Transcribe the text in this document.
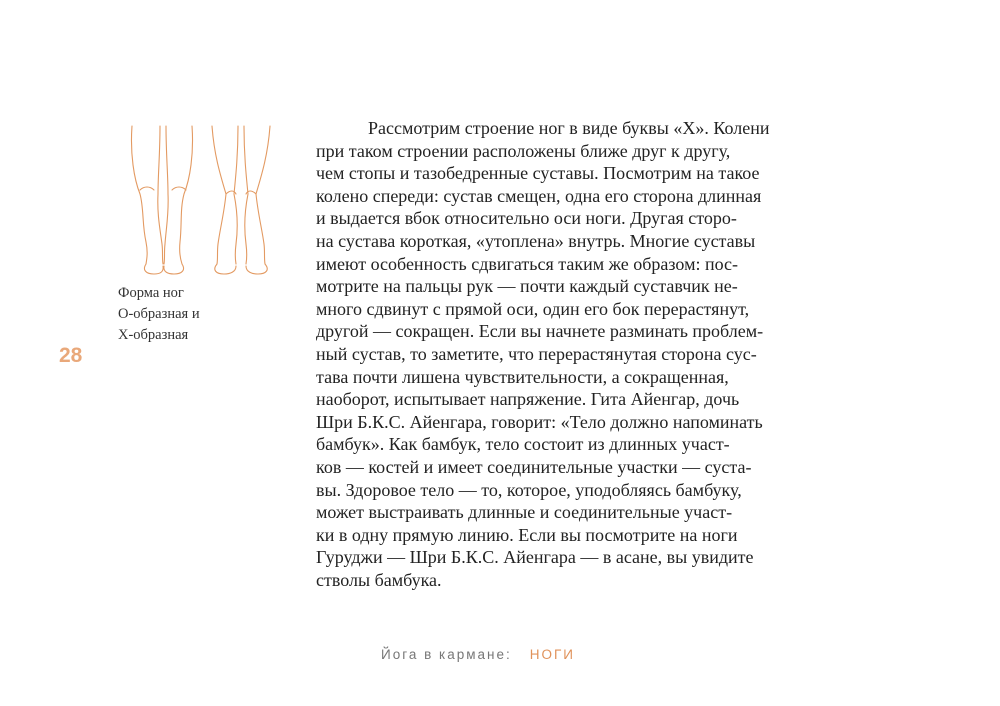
Форма ног
О-образная и
Х-образная
28
Рассмотрим строение ног в виде буквы «Х». Колени
при таком строении расположены ближе друг к другу,
чем стопы и тазобедренные суставы. Посмотрим на такое
колено спереди: сустав смещен, одна его сторона длинная
и выдается вбок относительно оси ноги. Другая сторо-
на сустава короткая, «утоплена» внутрь. Многие суставы
имеют особенность сдвигаться таким же образом: пос-
мотрите на пальцы рук — почти каждый суставчик не-
много сдвинут с прямой оси, один его бок перерастянут,
другой — сокращен. Если вы начнете разминать проблем-
ный сустав, то заметите, что перерастянутая сторона сус-
тава почти лишена чувствительности, а сокращенная,
наоборот, испытывает напряжение. Гита Айенгар, дочь
Шри Б.К.С. Айенгара, говорит: «Тело должно напоминать
бамбук». Как бамбук, тело состоит из длинных участ-
ков — костей и имеет соединительные участки — суста-
вы. Здоровое тело — то, которое, уподобляясь бамбуку,
может выстраивать длинные и соединительные участ-
ки в одну прямую линию. Если вы посмотрите на ноги
Гуруджи — Шри Б.К.С. Айенгара — в асане, вы увидите
стволы бамбука.
Йога в кармане: НОГИ
